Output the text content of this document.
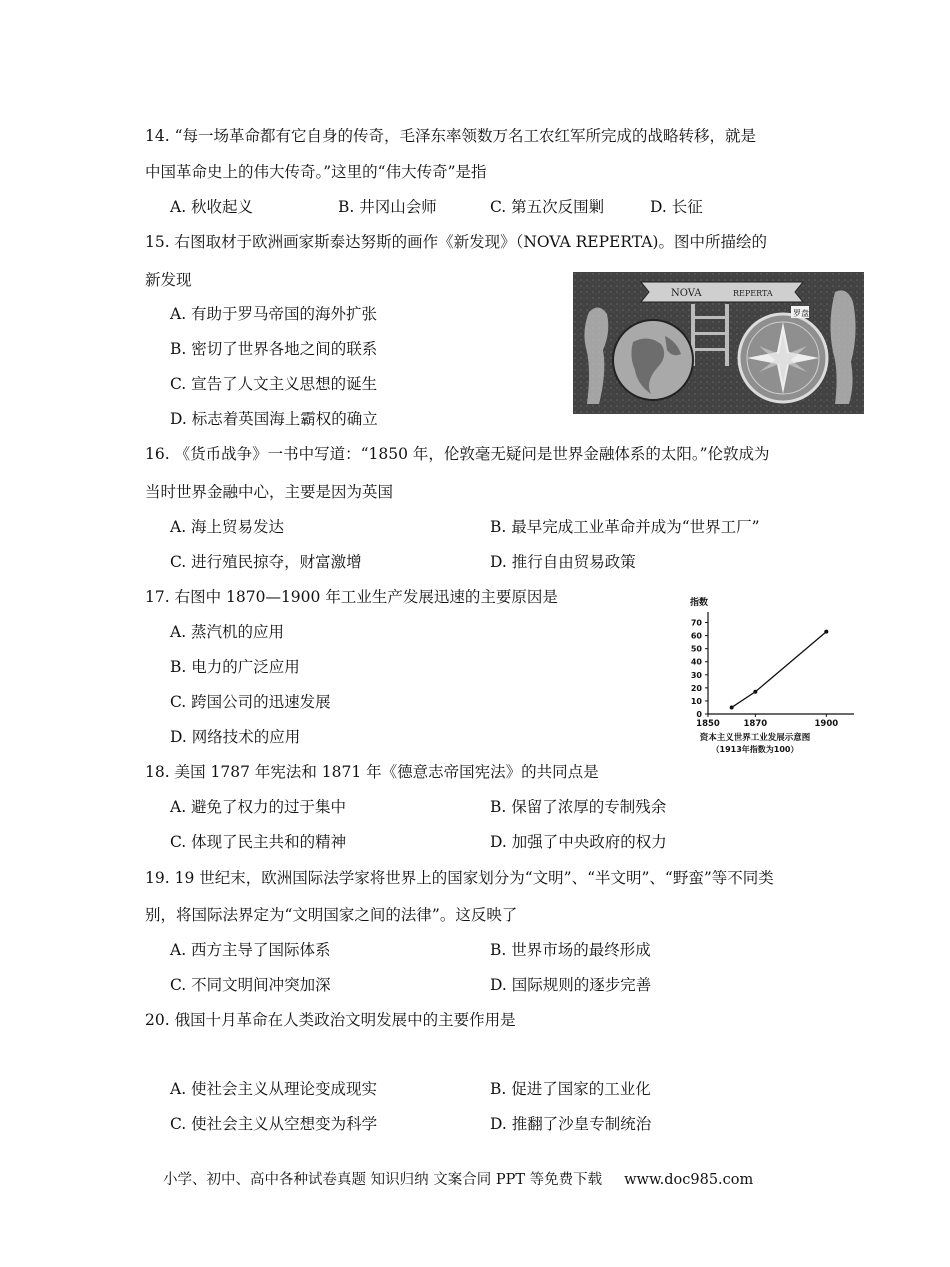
14. “每一场革命都有它自身的传奇，毛泽东率领数万名工农红军所完成的战略转移，就是
中国革命史上的伟大传奇。”这里的“伟大传奇”是指
A. 秋收起义	B. 井冈山会师	C. 第五次反围剿	D. 长征
15. 右图取材于欧洲画家斯泰达努斯的画作《新发现》（NOVA REPERTA)。图中所描绘的
新发现
A. 有助于罗马帝国的海外扩张
B. 密切了世界各地之间的联系
C. 宣告了人文主义思想的诞生
D. 标志着英国海上霸权的确立
NOVA	REPERTA
罗盘
16. 《货币战争》一书中写道：“1850 年，伦敦毫无疑问是世界金融体系的太阳。”伦敦成为
当时世界金融中心，主要是因为英国
A. 海上贸易发达	B. 最早完成工业革命并成为“世界工厂”
C. 进行殖民掠夺，财富激增	D. 推行自由贸易政策
17. 右图中 1870—1900 年工业生产发展迅速的主要原因是
A. 蒸汽机的应用
B. 电力的广泛应用
C. 跨国公司的迅速发展
D. 网络技术的应用
指数
0
10
20
30
40
50
60
70
1850	1870	1900
资本主义世界工业发展示意图
（1913年指数为100）
18. 美国 1787 年宪法和 1871 年《德意志帝国宪法》的共同点是
A. 避免了权力的过于集中	B. 保留了浓厚的专制残余
C. 体现了民主共和的精神	D. 加强了中央政府的权力
19. 19 世纪末，欧洲国际法学家将世界上的国家划分为“文明”、“半文明”、“野蛮”等不同类
别，将国际法界定为“文明国家之间的法律”。这反映了
A. 西方主导了国际体系	B. 世界市场的最终形成
C. 不同文明间冲突加深	D. 国际规则的逐步完善
20. 俄国十月革命在人类政治文明发展中的主要作用是
A. 使社会主义从理论变成现实	B. 促进了国家的工业化
C. 使社会主义从空想变为科学	D. 推翻了沙皇专制统治
小学、初中、高中各种试卷真题 知识归纳 文案合同 PPT 等免费下载 www.doc985.com
